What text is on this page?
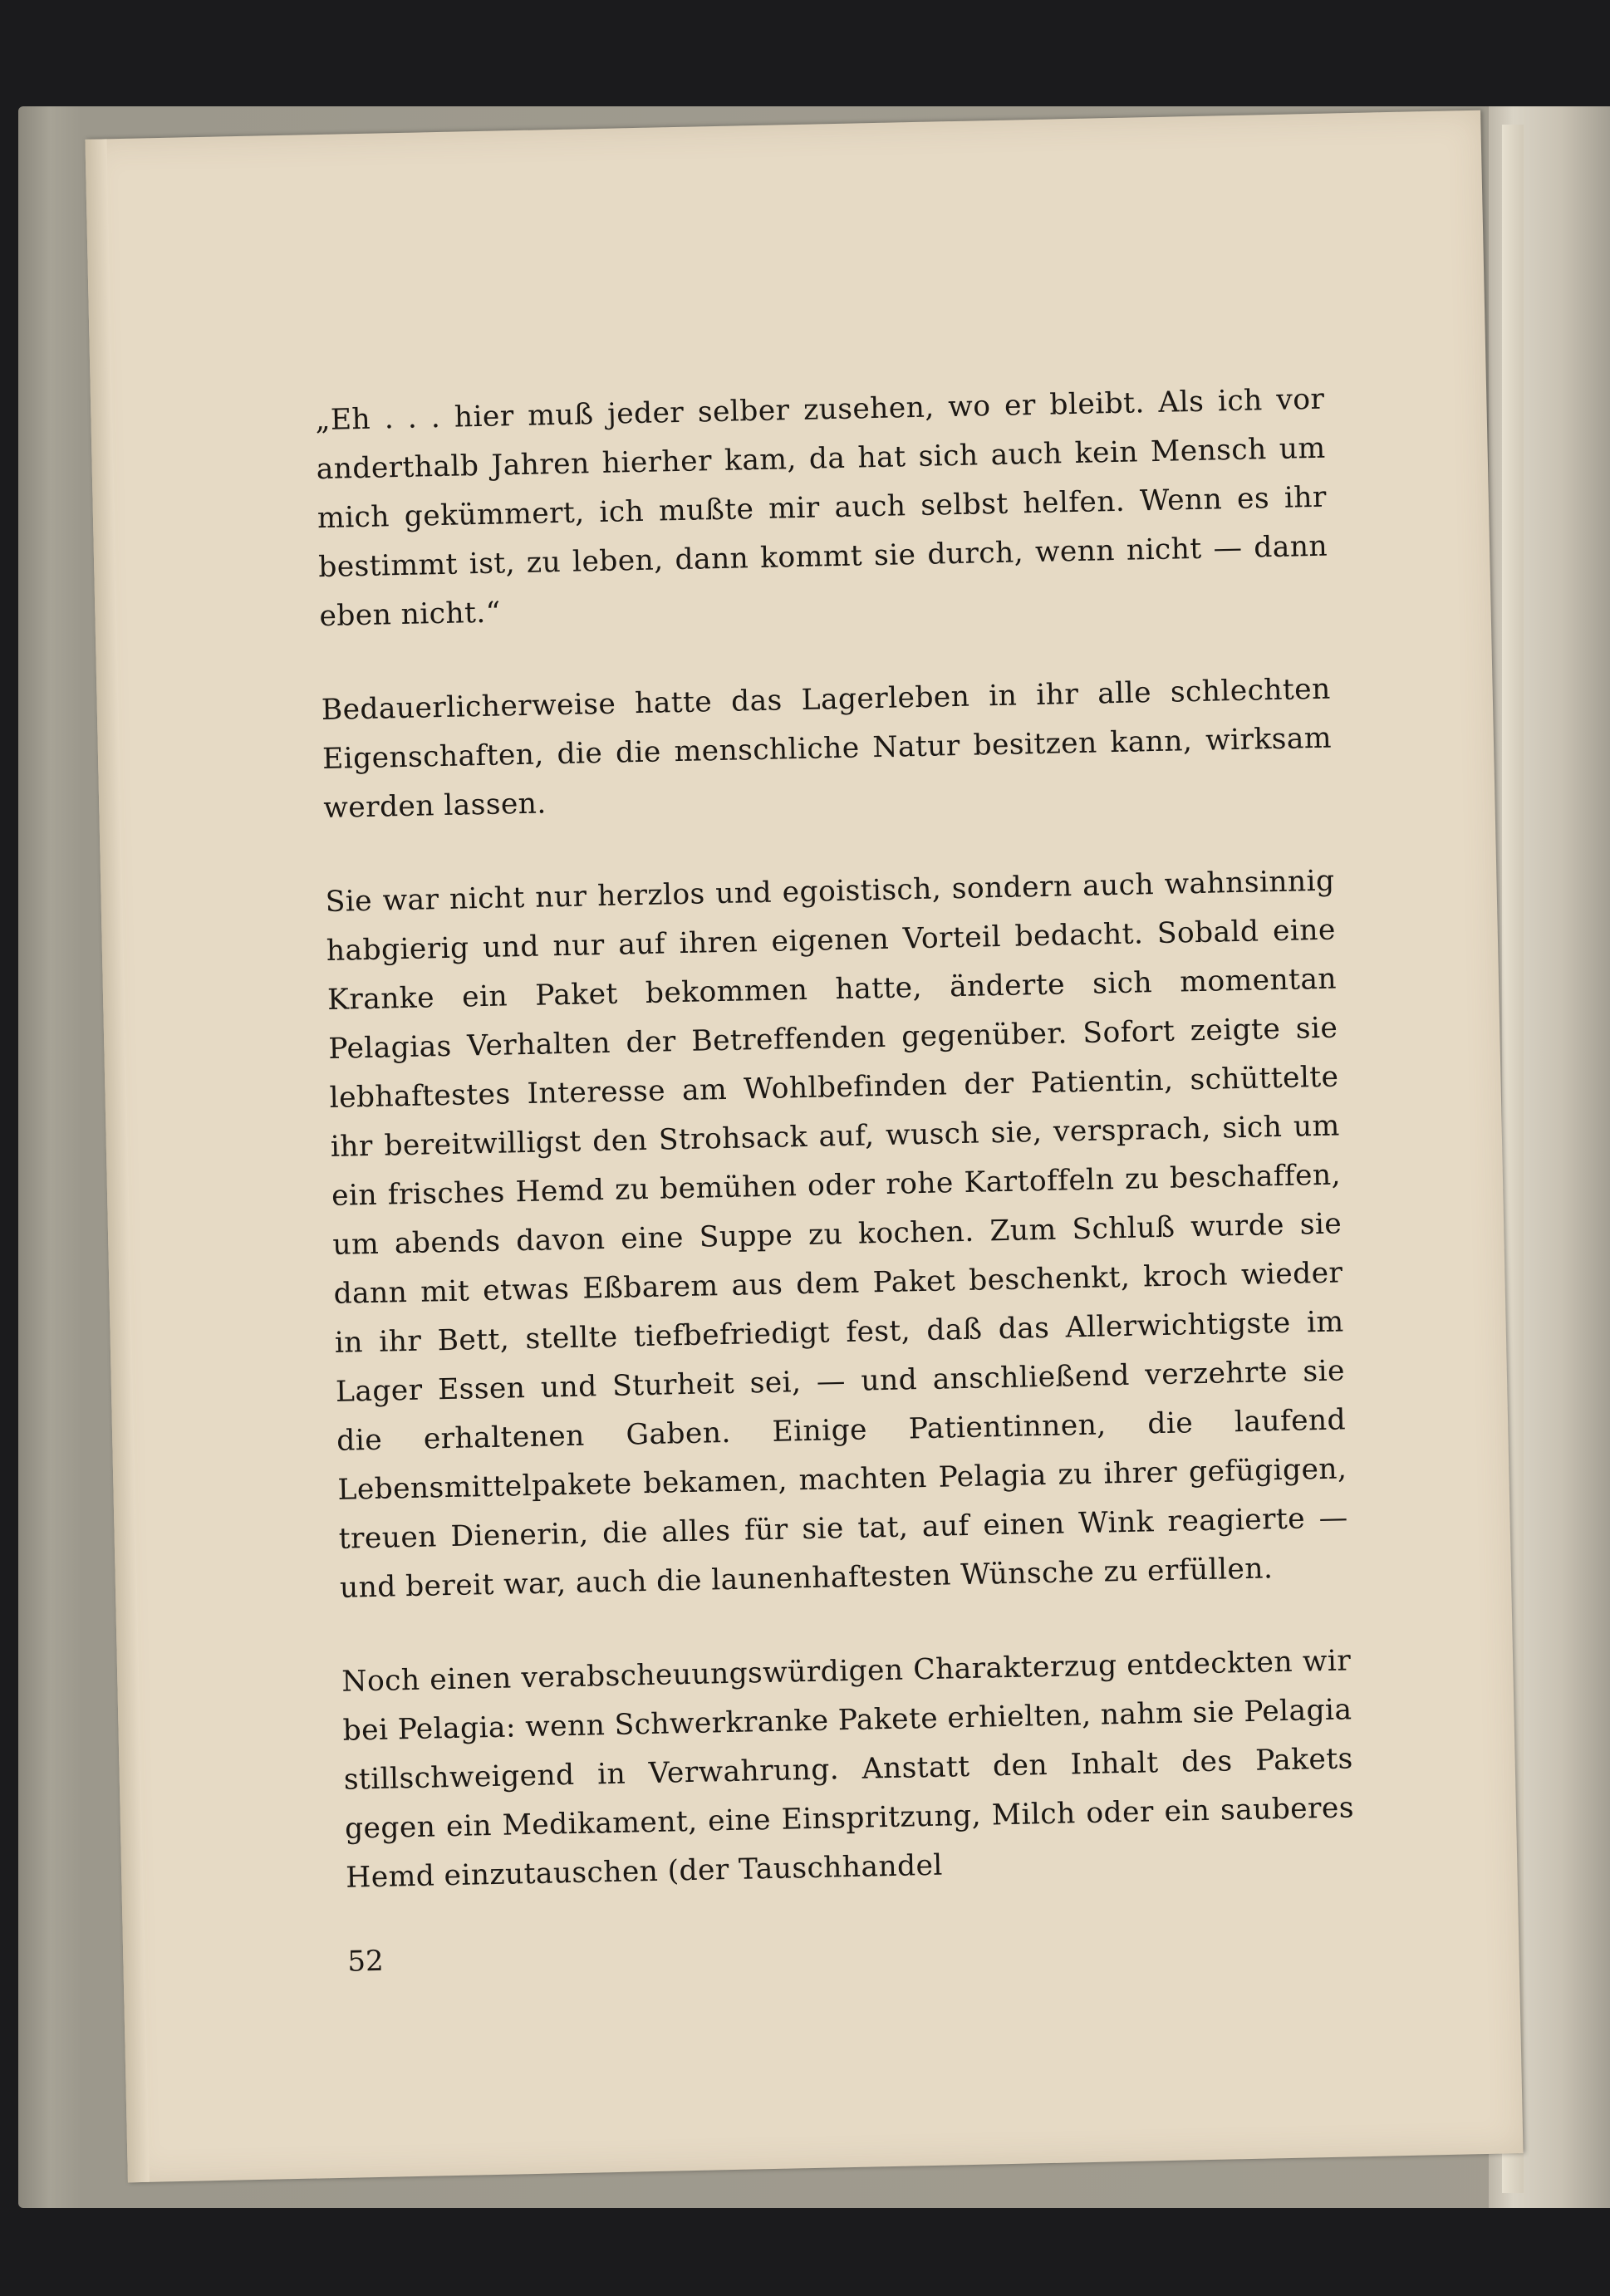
„Eh . . . hier muß jeder selber zusehen, wo er bleibt. Als ich vor anderthalb Jahren hierher kam, da hat sich auch kein Mensch um mich gekümmert, ich mußte mir auch selbst helfen. Wenn es ihr bestimmt ist, zu leben, dann kommt sie durch, wenn nicht — dann eben nicht.“

Bedauerlicherweise hatte das Lagerleben in ihr alle schlechten Eigenschaften, die die menschliche Natur besitzen kann, wirksam werden lassen.

Sie war nicht nur herzlos und egoistisch, sondern auch wahnsinnig habgierig und nur auf ihren eigenen Vorteil bedacht. Sobald eine Kranke ein Paket bekommen hatte, änderte sich momentan Pelagias Verhalten der Betreffenden gegenüber. Sofort zeigte sie lebhaftestes Interesse am Wohlbefinden der Patientin, schüttelte ihr bereitwilligst den Strohsack auf, wusch sie, versprach, sich um ein frisches Hemd zu bemühen oder rohe Kartoffeln zu beschaffen, um abends davon eine Suppe zu kochen. Zum Schluß wurde sie dann mit etwas Eßbarem aus dem Paket beschenkt, kroch wieder in ihr Bett, stellte tiefbefriedigt fest, daß das Allerwichtigste im Lager Essen und Sturheit sei, — und anschließend verzehrte sie die erhaltenen Gaben. Einige Patientinnen, die laufend Lebensmittelpakete bekamen, machten Pelagia zu ihrer gefügigen, treuen Dienerin, die alles für sie tat, auf einen Wink reagierte — und bereit war, auch die launenhaftesten Wünsche zu erfüllen.

Noch einen verabscheuungswürdigen Charakterzug entdeckten wir bei Pelagia: wenn Schwerkranke Pakete erhielten, nahm sie Pelagia stillschweigend in Verwahrung. Anstatt den Inhalt des Pakets gegen ein Medikament, eine Einspritzung, Milch oder ein sauberes Hemd einzutauschen (der Tauschhandel

52
